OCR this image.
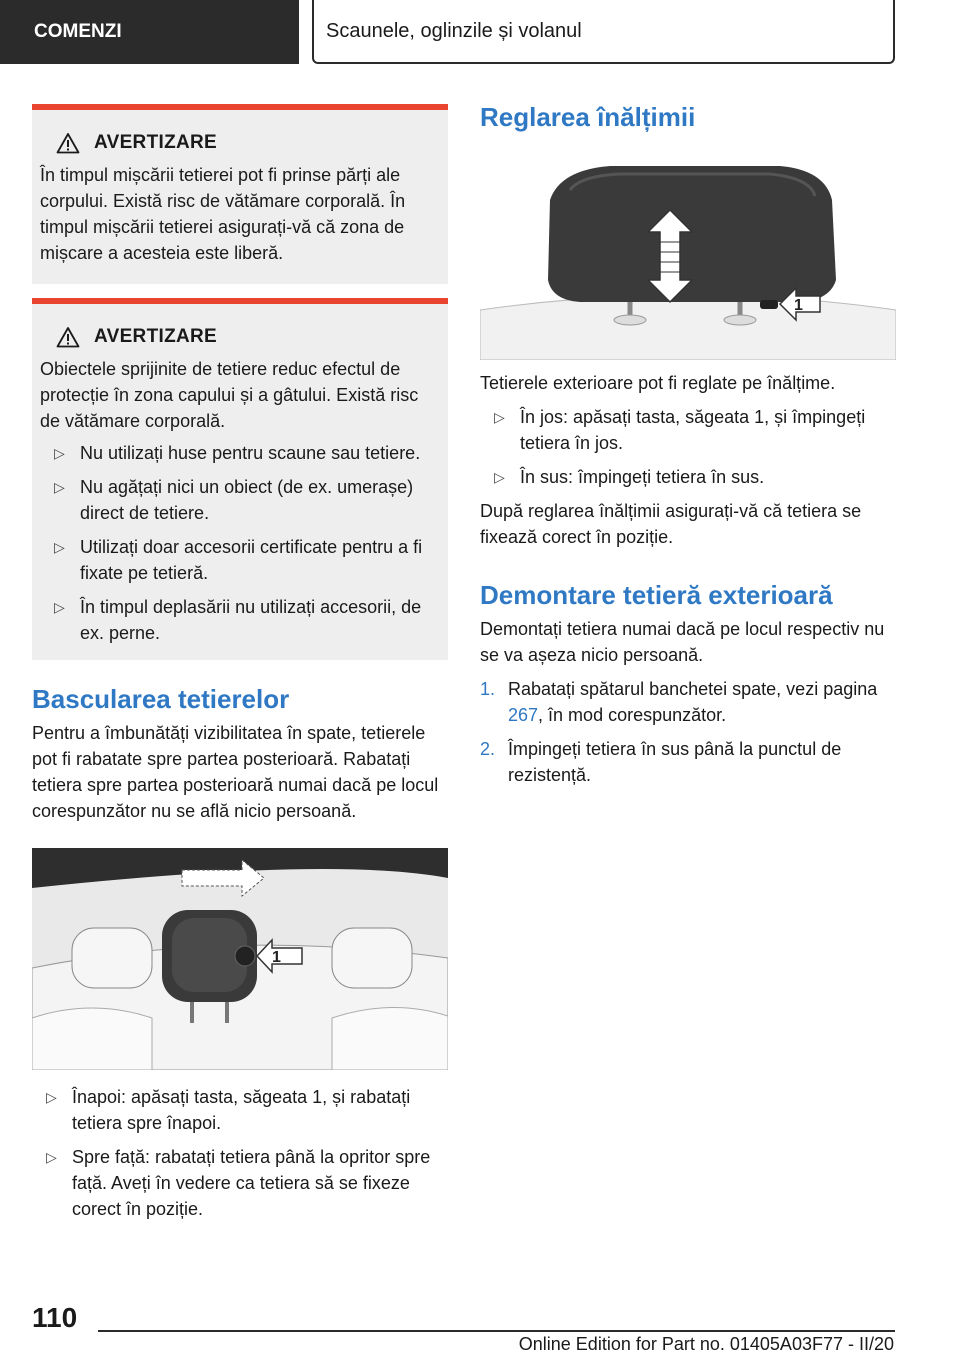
COMENZI	Scaunele, oglinzile și volanul
AVERTIZARE

În timpul mișcării tetierei pot fi prinse părți ale corpului. Există risc de vătămare corporală. În timpul mișcării tetierei asigurați-vă că zona de mișcare a acesteia este liberă.

AVERTIZARE

Obiectele sprijinite de tetiere reduc efectul de protecție în zona capului și a gâtului. Există risc de vătămare corporală.

▷ Nu utilizați huse pentru scaune sau tetiere.
▷ Nu agățați nici un obiect (de ex. umerașe) direct de tetiere.
▷ Utilizați doar accesorii certificate pentru a fi fixate pe tetieră.
▷ În timpul deplasării nu utilizați accesorii, de ex. perne.
Bascularea tetierelor

Pentru a îmbunătăți vizibilitatea în spate, tetierele pot fi rabatate spre partea posterioară. Rabatați tetiera spre partea posterioară numai dacă pe locul corespunzător nu se află nicio persoană.

1
▷ Înapoi: apăsați tasta, săgeata 1, și rabatați tetiera spre înapoi.
▷ Spre față: rabatați tetiera până la opritor spre față. Aveți în vedere ca tetiera să se fixeze corect în poziție.
Reglarea înălțimii
1

Tetierele exterioare pot fi reglate pe înălțime.

▷ În jos: apăsați tasta, săgeata 1, și împingeți tetiera în jos.
▷ În sus: împingeți tetiera în sus.

După reglarea înălțimii asigurați-vă că tetiera se fixează corect în poziție.

Demontare tetieră exterioară

Demontați tetiera numai dacă pe locul respectiv nu se va așeza nicio persoană.

1. Rabatați spătarul banchetei spate, vezi pagina 267, în mod corespunzător.
2. Împingeți tetiera în sus până la punctul de rezistență.
110
Online Edition for Part no. 01405A03F77 - II/20
